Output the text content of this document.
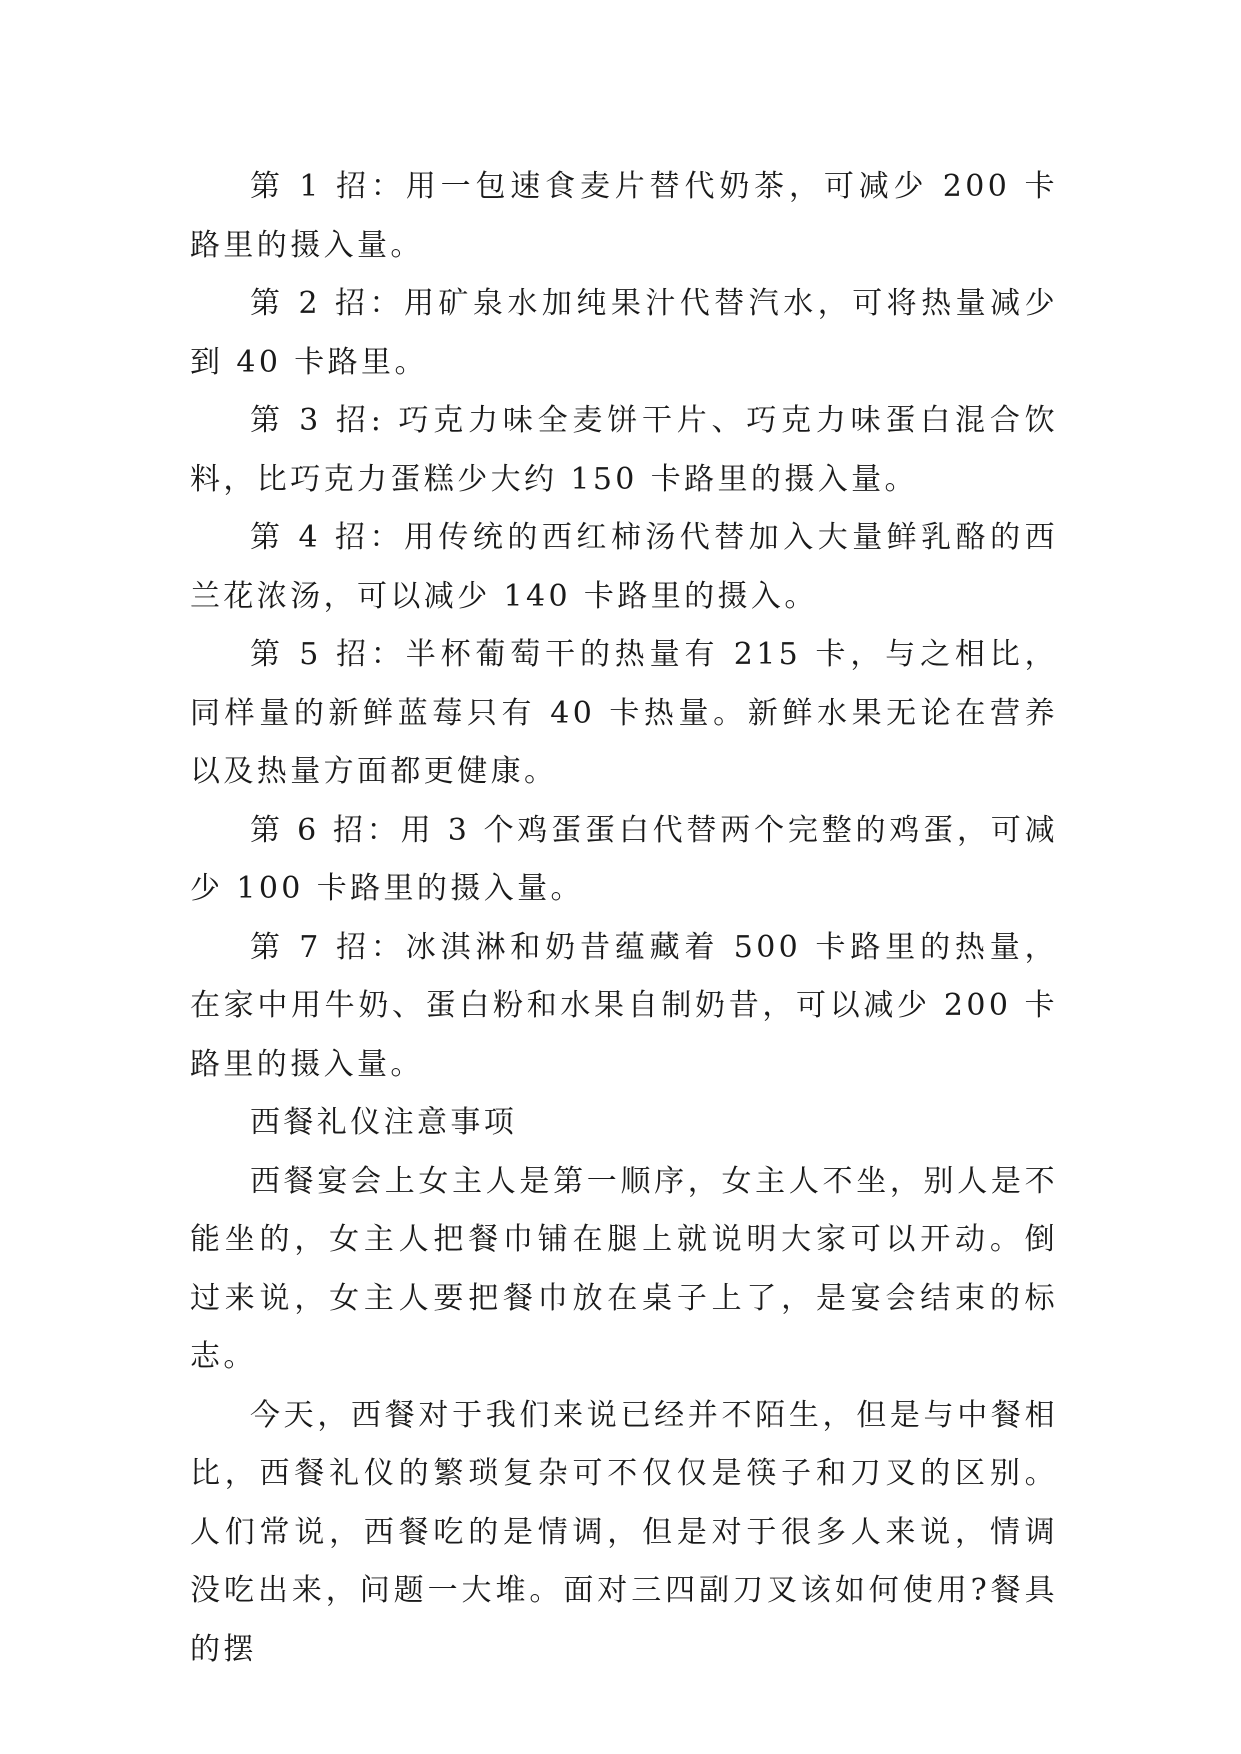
第 1 招：用一包速食麦片替代奶茶，可减少 200 卡路里的摄入量。

第 2 招：用矿泉水加纯果汁代替汽水，可将热量减少到 40 卡路里。

第 3 招: 巧克力味全麦饼干片、巧克力味蛋白混合饮料，比巧克力蛋糕少大约 150 卡路里的摄入量。

第 4 招：用传统的西红柿汤代替加入大量鲜乳酪的西兰花浓汤，可以减少 140 卡路里的摄入。

第 5 招：半杯葡萄干的热量有 215 卡，与之相比，同样量的新鲜蓝莓只有 40 卡热量。新鲜水果无论在营养以及热量方面都更健康。

第 6 招：用 3 个鸡蛋蛋白代替两个完整的鸡蛋，可减少 100 卡路里的摄入量。

第 7 招：冰淇淋和奶昔蕴藏着 500 卡路里的热量，在家中用牛奶、蛋白粉和水果自制奶昔，可以减少 200 卡路里的摄入量。

西餐礼仪注意事项

西餐宴会上女主人是第一顺序，女主人不坐，别人是不能坐的，女主人把餐巾铺在腿上就说明大家可以开动。倒过来说，女主人要把餐巾放在桌子上了，是宴会结束的标志。

今天，西餐对于我们来说已经并不陌生，但是与中餐相比，西餐礼仪的繁琐复杂可不仅仅是筷子和刀叉的区别。人们常说，西餐吃的是情调，但是对于很多人来说，情调没吃出来，问题一大堆。面对三四副刀叉该如何使用?餐具的摆
